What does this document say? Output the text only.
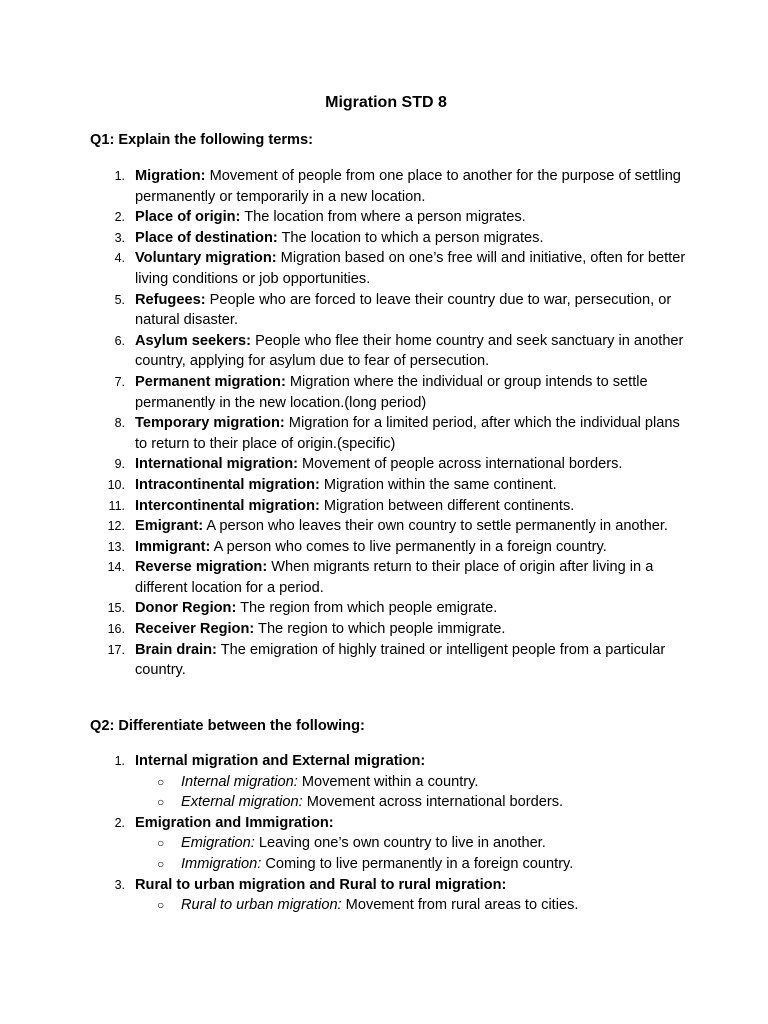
Migration STD 8
Q1: Explain the following terms:
1. Migration: Movement of people from one place to another for the purpose of settling permanently or temporarily in a new location.
2. Place of origin: The location from where a person migrates.
3. Place of destination: The location to which a person migrates.
4. Voluntary migration: Migration based on one’s free will and initiative, often for better living conditions or job opportunities.
5. Refugees: People who are forced to leave their country due to war, persecution, or natural disaster.
6. Asylum seekers: People who flee their home country and seek sanctuary in another country, applying for asylum due to fear of persecution.
7. Permanent migration: Migration where the individual or group intends to settle permanently in the new location.(long period)
8. Temporary migration: Migration for a limited period, after which the individual plans to return to their place of origin.(specific)
9. International migration: Movement of people across international borders.
10. Intracontinental migration: Migration within the same continent.
11. Intercontinental migration: Migration between different continents.
12. Emigrant: A person who leaves their own country to settle permanently in another.
13. Immigrant: A person who comes to live permanently in a foreign country.
14. Reverse migration: When migrants return to their place of origin after living in a different location for a period.
15. Donor Region: The region from which people emigrate.
16. Receiver Region: The region to which people immigrate.
17. Brain drain: The emigration of highly trained or intelligent people from a particular country.
Q2: Differentiate between the following:
1. Internal migration and External migration:
○ Internal migration: Movement within a country.
○ External migration: Movement across international borders.
2. Emigration and Immigration:
○ Emigration: Leaving one’s own country to live in another.
○ Immigration: Coming to live permanently in a foreign country.
3. Rural to urban migration and Rural to rural migration:
○ Rural to urban migration: Movement from rural areas to cities.
